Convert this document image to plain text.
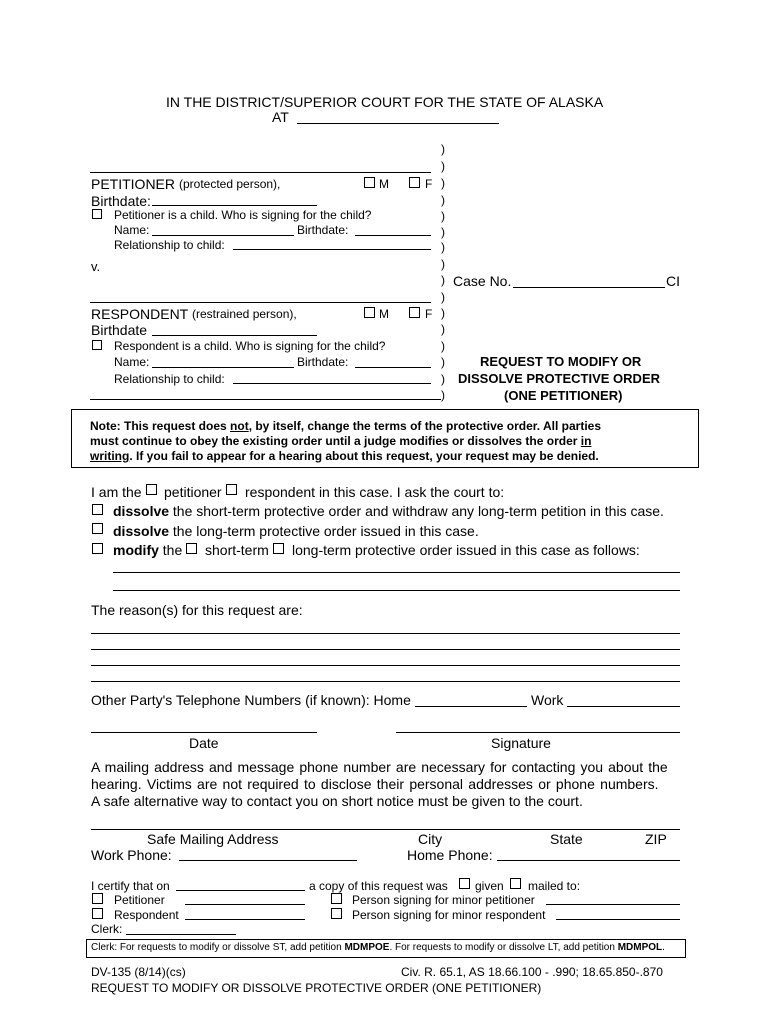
IN THE DISTRICT/SUPERIOR COURT FOR THE STATE OF ALASKA
AT
)
)
)
)
)
)
)
)
)
)
)
)
)
)
)
)
PETITIONER (protected person),	M	F
Birthdate:
Petitioner is a child. Who is signing for the child?
Name:	Birthdate:
Relationship to child:
v.
Case No.	CI
RESPONDENT (restrained person),	M	F
Birthdate
Respondent is a child. Who is signing for the child?
Name:	Birthdate:
Relationship to child:
REQUEST TO MODIFY OR
DISSOLVE PROTECTIVE ORDER
(ONE PETITIONER)
Note: This request does not, by itself, change the terms of the protective order. All parties
must continue to obey the existing order until a judge modifies or dissolves the order in
writing. If you fail to appear for a hearing about this request, your request may be denied.
I am the petitioner respondent in this case. I ask the court to:
dissolve the short-term protective order and withdraw any long-term petition in this case.
dissolve the long-term protective order issued in this case.
modify the short-term long-term protective order issued in this case as follows:
The reason(s) for this request are:
Other Party's Telephone Numbers (if known): Home	Work
Date	Signature
A mailing address and message phone number are necessary for contacting you about the
hearing. Victims are not required to disclose their personal addresses or phone numbers.
A safe alternative way to contact you on short notice must be given to the court.
Safe Mailing Address	City	State	ZIP
Work Phone:	Home Phone:
I certify that on	a copy of this request was given mailed to:
Petitioner	Person signing for minor petitioner
Respondent	Person signing for minor respondent
Clerk:
Clerk: For requests to modify or dissolve ST, add petition MDMPOE. For requests to modify or dissolve LT, add petition MDMPOL.
DV-135 (8/14)(cs)	Civ. R. 65.1, AS 18.66.100 - .990; 18.65.850-.870
REQUEST TO MODIFY OR DISSOLVE PROTECTIVE ORDER (ONE PETITIONER)
